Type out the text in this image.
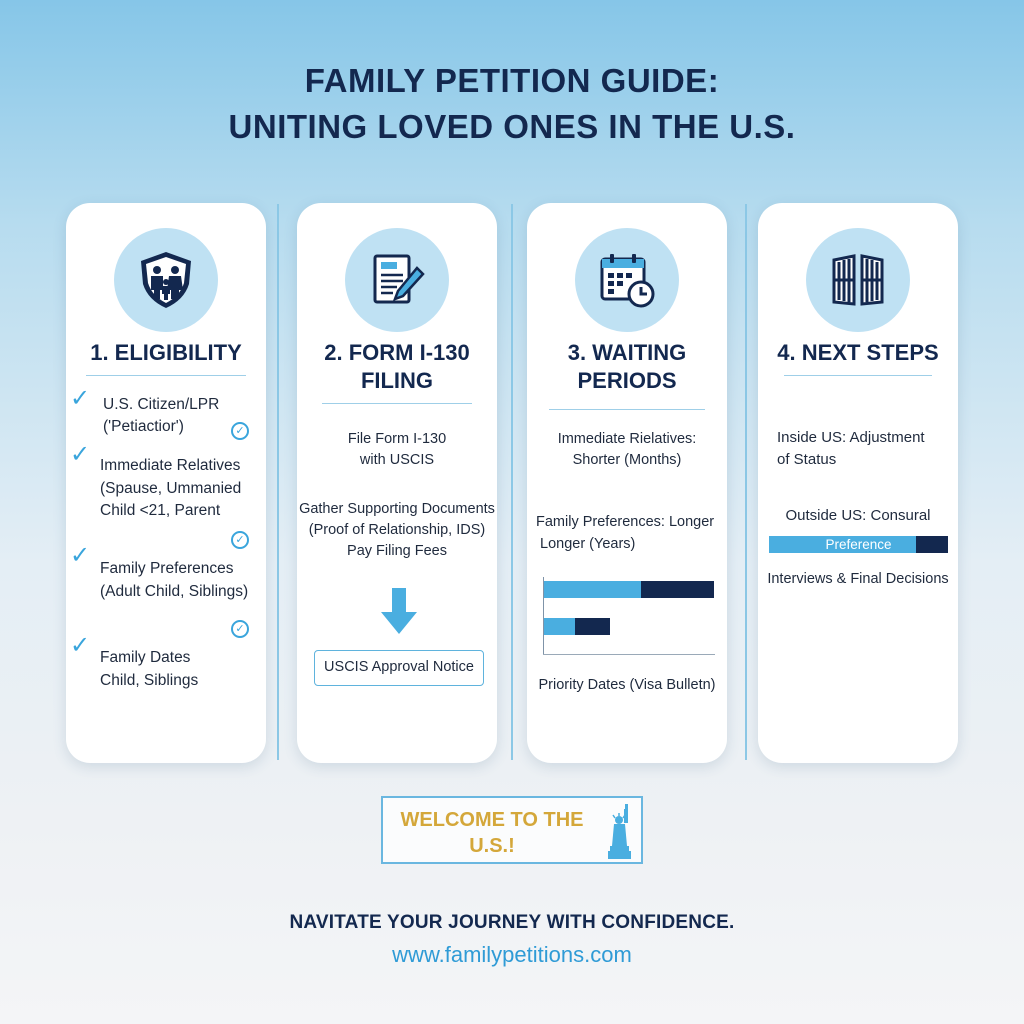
FAMILY PETITION GUIDE:
UNITING LOVED ONES IN THE U.S.
1. ELIGIBILITY
✓ U.S. Citizen/LPR
('Petiactior')	✓
✓ Immediate Relatives
(Spause, Ummanied
Child <21, Parent
✓
✓ Family Preferences
(Adult Child, Siblings)
✓
✓ Family Dates
Child, Siblings
2. FORM I-130
FILING
File Form I-130
with USCIS
Gather Supporting Documents
(Proof of Relationship, IDS)
Pay Filing Fees
USCIS Approval Notice
3. WAITING
PERIODS
Immediate Rielatives:
Shorter (Months)
Family Preferences: Longer
Longer (Years)
Priority Dates (Visa Bulletn)
4. NEXT STEPS
Inside US: Adjustment
of Status
Outside US: Consural
Preference
Interviews & Final Decisions
WELCOME TO THE
U.S.!
NAVITATE YOUR JOURNEY WITH CONFIDENCE.
www.familypetitions.com
